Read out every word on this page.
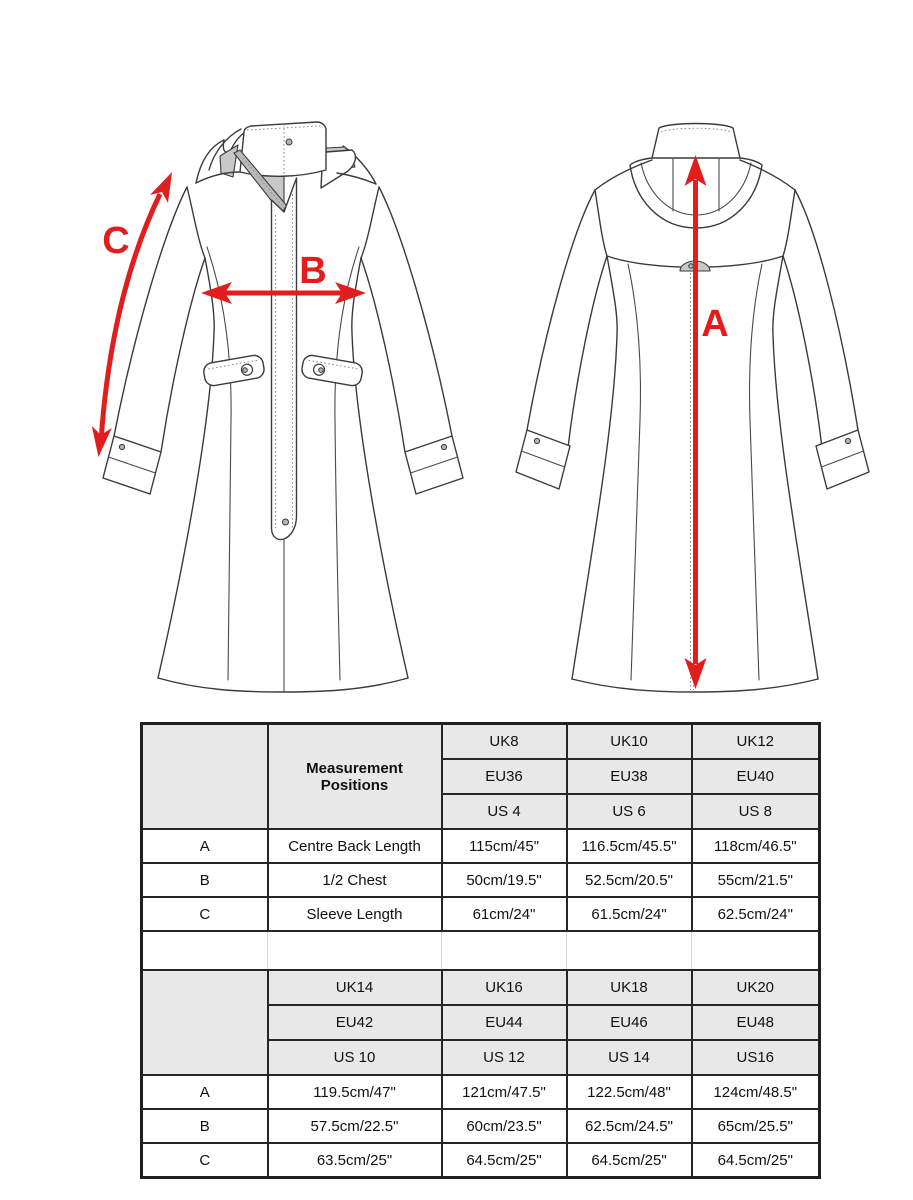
C
B
A
	Measurement Positions	UK8	UK10	UK12
		EU36	EU38	EU40
		US 4	US 6	US 8
A	Centre Back Length	115cm/45"	116.5cm/45.5"	118cm/46.5"
B	1/2 Chest	50cm/19.5"	52.5cm/20.5"	55cm/21.5"
C	Sleeve Length	61cm/24"	61.5cm/24"	62.5cm/24"

	UK14	UK16	UK18	UK20
	EU42	EU44	EU46	EU48
	US 10	US 12	US 14	US16
A	119.5cm/47"	121cm/47.5"	122.5cm/48"	124cm/48.5"
B	57.5cm/22.5"	60cm/23.5"	62.5cm/24.5"	65cm/25.5"
C	63.5cm/25"	64.5cm/25"	64.5cm/25"	64.5cm/25"
